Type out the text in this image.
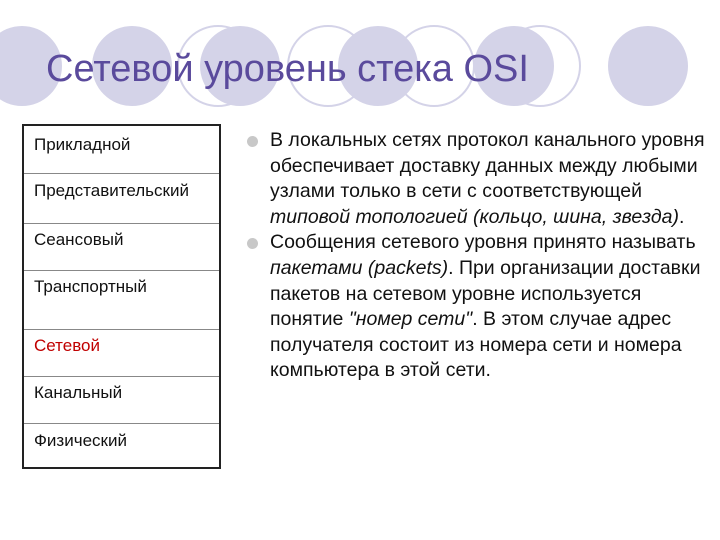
Сетевой уровень стека OSI
Прикладной
Представительский
Сеансовый
Транспортный
Сетевой
Канальный
Физический

В локальных сетях протокол канального уровня обеспечивает доставку данных между любыми узлами только в сети с соответствующей типовой топологией (кольцо, шина, звезда).

Сообщения сетевого уровня принято называть пакетами (packets). При организации доставки пакетов на сетевом уровне используется понятие "номер сети". В этом случае адрес получателя состоит из номера сети и номера компьютера в этой сети.
